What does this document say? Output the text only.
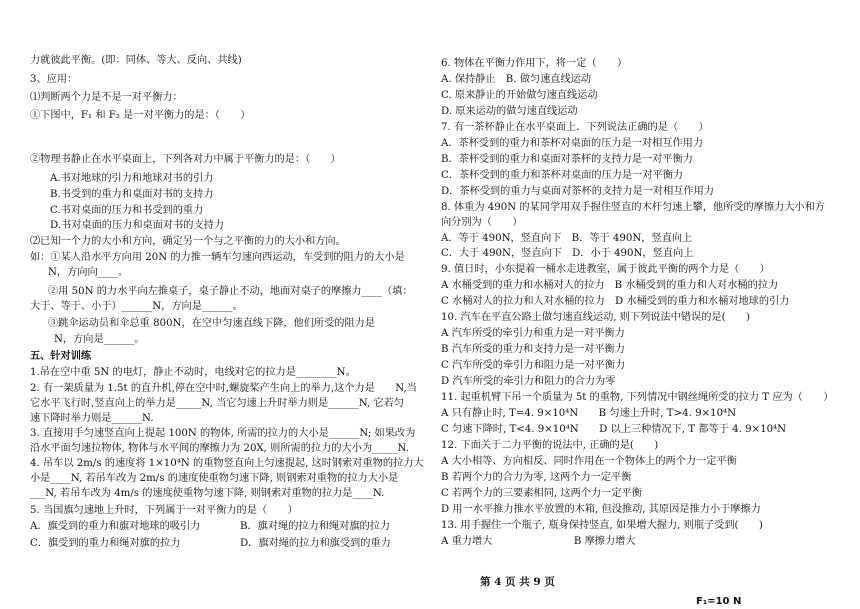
力就彼此平衡。(即：同体、等大、反向、共线)
3、应用：
⑴判断两个力是不是一对平衡力：
①下图中，F₁ 和 F₂ 是一对平衡力的是：（　　）
②物理书静止在水平桌面上，下列各对力中属于平衡力的是：（　　）
A.书对地球的引力和地球对书的引力
B.书受到的重力和桌面对书的支持力
C.书对桌面的压力和书受到的重力
D.书对桌面的压力和桌面对书的支持力
⑵已知一个力的大小和方向，确定另一个与之平衡的力的大小和方向。
如：①某人沿水平方向用 20N 的力推一辆车匀速向西运动，车受到的阻力的大小是
N，方向向____。
②用 50N 的力水平向左推桌子，桌子静止不动，地面对桌子的摩擦力____（填：
大于、等于、小于）______N，方向是______。
③跳伞运动员和伞总重 800N，在空中匀速直线下降，他们所受的阻力是
N，方向是______。
五、针对训练
1.吊在空中重 5N 的电灯，静止不动时，电线对它的拉力是________N。
2. 有一架质量为 1.5t 的直升机,停在空中时,螺旋桨产生向上的举力,这个力是　　N,当
它水平飞行时,竖直向上的举力是_____N, 当它匀速上升时举力则是______N, 它若匀
速下降时举力则是______N.
3. 直接用手匀速竖直向上提起 100N 的物体, 所需的拉力的大小是______N; 如果改为
沿水平面匀速拉物体, 物体与水平间的摩擦力为 20X, 则所需的拉力的大小为_____N.
4. 吊车以 2m/s 的速度将 1×10⁴N 的重物竖直向上匀速提起, 这时钢索对重物的拉力大
小是____N, 若吊车改为 2m/s 的速度使重物匀速下降, 则钢索对重物的拉力大小是
___N, 若吊车改为 4m/s 的速度使重物匀速下降, 则钢索对重物的拉力是____N.
5. 当国旗匀速地上升时，下列属于一对平衡力的是（　　）
A．旗受到的重力和旗对地球的吸引力	B．旗对绳的拉力和绳对旗的拉力
C．旗受到的重力和绳对旗的拉力	D．旗对绳的拉力和旗受到的重力
6. 物体在平衡力作用下，将一定（　　）
A. 保持静止　B. 做匀速直线运动
C. 原来静止的开始做匀速直线运动
D. 原来运动的做匀速直线运动
7. 有一茶杯静止在水平桌面上．下列说法正确的是（　　）
A．茶杯受到的重力和茶杯对桌面的压力是一对相互作用力
B．茶杯受到的重力和桌面对茶杯的支持力是一对平衡力
C．茶杯受到的重力和茶杯对桌面的压力是一对平衡力
D．茶杯受到的重力与桌面对茶杯的支持力是一对相互作用力
8. 体重为 490N 的某同学用双手握住竖直的木杆匀速上攀，他所受的摩擦力大小和方
向分别为（　　）
A．等于 490N，竖直向下　B．等于 490N，竖直向上
C．大于 490N，竖直向下　D．小于 490N，竖直向上
9. 值日时，小东提着一桶水走进教室，属于彼此平衡的两个力是（　　）
A 水桶受到的重力和水桶对人的拉力　B 水桶受到的重力和人对水桶的拉力
C 水桶对人的拉力和人对水桶的拉力　D 水桶受到的重力和水桶对地球的引力
10. 汽车在平直公路上做匀速直线运动, 则下列说法中错误的是(　　)
A 汽车所受的牵引力和重力是一对平衡力
B 汽车所受的重力和支持力是一对平衡力
C 汽车所受的牵引力和阻力是一对平衡力
D 汽车所受的牵引力和阻力的合力为零
11. 起重机臂下吊一个质量为 5t 的重物, 下列情况中钢丝绳所受的拉力 T 应为（　　）
A 只有静止时, T=4. 9×10⁴N　　B 匀速上升时, T>4. 9×10⁴N
C 匀速下降时, T<4. 9×10⁴N　　D 以上三种情况下, T 都等于 4. 9×10⁴N
12. 下面关于二力平衡的说法中, 正确的是(　　)
A 大小相等、方向相反、同时作用在一个物体上的两个力一定平衡
B 若两个力的合力为零, 这两个力一定平衡
C 若两个力的三要素相同, 这两个力一定平衡
D 用一水平推力推水平放置的木箱, 但没推动, 其原因是推力小于摩擦力
13. 用手握住一个瓶子, 瓶身保持竖直, 如果增大握力, 则瓶子受到(　　)
A 重力增大　　　　　　　　B 摩擦力增大
第 4 页 共 9 页
F₁=10 N
